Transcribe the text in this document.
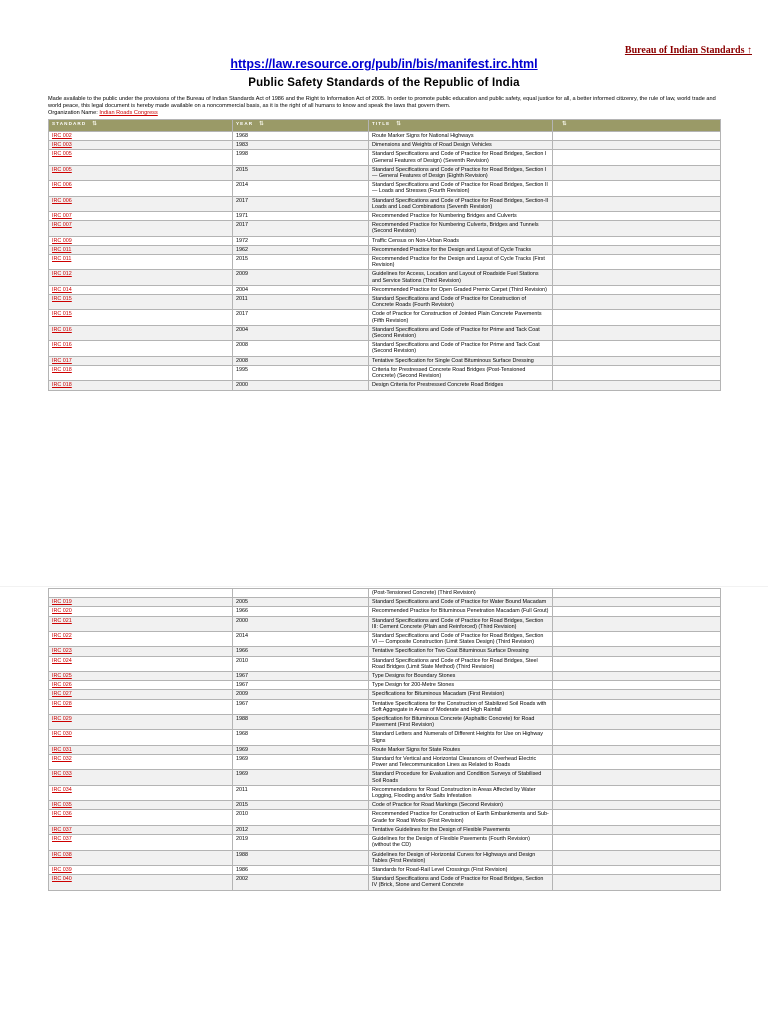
Bureau of Indian Standards ↑
https://law.resource.org/pub/in/bis/manifest.irc.html
Public Safety Standards of the Republic of India
Made available to the public under the provisions of the Bureau of Indian Standards Act of 1986 and the Right to Information Act of 2005. In order to promote public education and public safety, equal justice for all, a better informed citizenry, the rule of law, world trade and world peace, this legal document is hereby made available on a noncommercial basis, as it is the right of all humans to know and speak the laws that govern them.
Organization Name: Indian Roads Congress
STANDARD ⇅	YEAR ⇅	TITLE ⇅	⇅
IRC 002	1968	Route Marker Signs for National Highways	
IRC 003	1983	Dimensions and Weights of Road Design Vehicles	
IRC 005	1998	Standard Specifications and Code of Practice for Road Bridges, Section I (General Features of Design) (Seventh Revision)	
IRC 005	2015	Standard Specifications and Code of Practice for Road Bridges, Section I — General Features of Design (Eighth Revision)	
IRC 006	2014	Standard Specifications and Code of Practice for Road Bridges, Section II — Loads and Stresses (Fourth Revision)	
IRC 006	2017	Standard Specifications and Code of Practice for Road Bridges, Section-II Loads and Load Combinations (Seventh Revision)	
IRC 007	1971	Recommended Practice for Numbering Bridges and Culverts	
IRC 007	2017	Recommended Practice for Numbering Culverts, Bridges and Tunnels (Second Revision)	
IRC 009	1972	Traffic Census on Non-Urban Roads	
IRC 011	1962	Recommended Practice for the Design and Layout of Cycle Tracks	
IRC 011	2015	Recommended Practice for the Design and Layout of Cycle Tracks (First Revision)	
IRC 012	2009	Guidelines for Access, Location and Layout of Roadside Fuel Stations and Service Stations (Third Revision)	
IRC 014	2004	Recommended Practice for Open Graded Premix Carpet (Third Revision)	
IRC 015	2011	Standard Specifications and Code of Practice for Construction of Concrete Roads (Fourth Revision)	
IRC 015	2017	Code of Practice for Construction of Jointed Plain Concrete Pavements (Fifth Revision)	
IRC 016	2004	Standard Specifications and Code of Practice for Prime and Tack Coat (Second Revision)	
IRC 016	2008	Standard Specifications and Code of Practice for Prime and Tack Coat (Second Revision)	
IRC 017	2008	Tentative Specification for Single Coat Bituminous Surface Dressing	
IRC 018	1995	Criteria for Prestressed Concrete Road Bridges (Post-Tensioned Concrete) (Second Revision)	
IRC 018	2000	Design Criteria for Prestressed Concrete Road Bridges	
		(Post-Tensioned Concrete) (Third Revision)	
IRC 019	2005	Standard Specifications and Code of Practice for Water Bound Macadam	
IRC 020	1966	Recommended Practice for Bituminous Penetration Macadam (Full Grout)	
IRC 021	2000	Standard Specifications and Code of Practice for Road Bridges, Section III: Cement Concrete (Plain and Reinforced) (Third Revision)	
IRC 022	2014	Standard Specifications and Code of Practice for Road Bridges, Section VI — Composite Construction (Limit States Design) (Third Revision)	
IRC 023	1966	Tentative Specification for Two Coat Bituminous Surface Dressing	
IRC 024	2010	Standard Specifications and Code of Practice for Road Bridges, Steel Road Bridges (Limit State Method) (Third Revision)	
IRC 025	1967	Type Designs for Boundary Stones	
IRC 026	1967	Type Design for 200-Metre Stones	
IRC 027	2009	Specifications for Bituminous Macadam (First Revision)	
IRC 028	1967	Tentative Specifications for the Construction of Stabilized Soil Roads with Soft Aggregate in Areas of Moderate and High Rainfall	
IRC 029	1988	Specification for Bituminous Concrete (Asphaltic Concrete) for Road Pavement (First Revision)	
IRC 030	1968	Standard Letters and Numerals of Different Heights for Use on Highway Signs	
IRC 031	1969	Route Marker Signs for State Routes	
IRC 032	1969	Standard for Vertical and Horizontal Clearances of Overhead Electric Power and Telecommunication Lines as Related to Roads	
IRC 033	1969	Standard Procedure for Evaluation and Condition Surveys of Stabilised Soil Roads	
IRC 034	2011	Recommendations for Road Construction in Areas Affected by Water Logging, Flooding and/or Salts Infestation	
IRC 035	2015	Code of Practice for Road Markings (Second Revision)	
IRC 036	2010	Recommended Practice for Construction of Earth Embankments and Sub-Grade for Road Works (First Revision)	
IRC 037	2012	Tentative Guidelines for the Design of Flexible Pavements	
IRC 037	2019	Guidelines for the Design of Flexible Pavements (Fourth Revision) (without the CD)	
IRC 038	1988	Guidelines for Design of Horizontal Curves for Highways and Design Tables (First Revision)	
IRC 039	1986	Standards for Road-Rail Level Crossings (First Revision)	
IRC 040	2002	Standard Specifications and Code of Practice for Road Bridges, Section IV (Brick, Stone and Cement Concrete	
